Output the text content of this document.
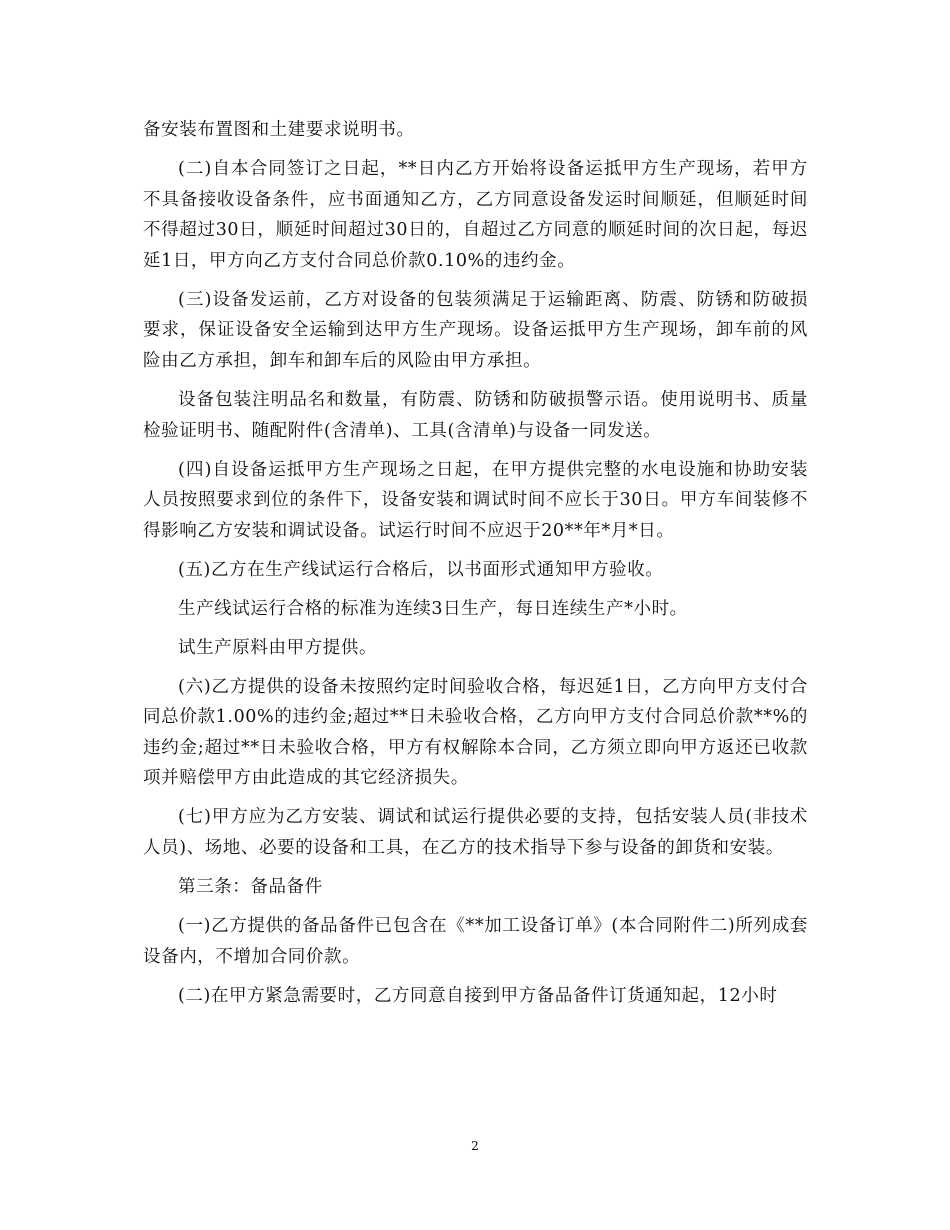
备安装布置图和土建要求说明书。

(二)自本合同签订之日起，**日内乙方开始将设备运抵甲方生产现场，若甲方不具备接收设备条件，应书面通知乙方，乙方同意设备发运时间顺延，但顺延时间不得超过30日，顺延时间超过30日的，自超过乙方同意的顺延时间的次日起，每迟延1日，甲方向乙方支付合同总价款0.10%的违约金。

(三)设备发运前，乙方对设备的包装须满足于运输距离、防震、防锈和防破损要求，保证设备安全运输到达甲方生产现场。设备运抵甲方生产现场，卸车前的风险由乙方承担，卸车和卸车后的风险由甲方承担。

设备包装注明品名和数量，有防震、防锈和防破损警示语。使用说明书、质量检验证明书、随配附件(含清单)、工具(含清单)与设备一同发送。

(四)自设备运抵甲方生产现场之日起，在甲方提供完整的水电设施和协助安装人员按照要求到位的条件下，设备安装和调试时间不应长于30日。甲方车间装修不得影响乙方安装和调试设备。试运行时间不应迟于20**年*月*日。

(五)乙方在生产线试运行合格后，以书面形式通知甲方验收。

生产线试运行合格的标准为连续3日生产，每日连续生产*小时。

试生产原料由甲方提供。

(六)乙方提供的设备未按照约定时间验收合格，每迟延1日，乙方向甲方支付合同总价款1.00%的违约金;超过**日未验收合格，乙方向甲方支付合同总价款**%的违约金;超过**日未验收合格，甲方有权解除本合同，乙方须立即向甲方返还已收款项并赔偿甲方由此造成的其它经济损失。

(七)甲方应为乙方安装、调试和试运行提供必要的支持，包括安装人员(非技术人员)、场地、必要的设备和工具，在乙方的技术指导下参与设备的卸货和安装。

第三条：备品备件

(一)乙方提供的备品备件已包含在《**加工设备订单》(本合同附件二)所列成套设备内，不增加合同价款。

(二)在甲方紧急需要时，乙方同意自接到甲方备品备件订货通知起，12小时

2
